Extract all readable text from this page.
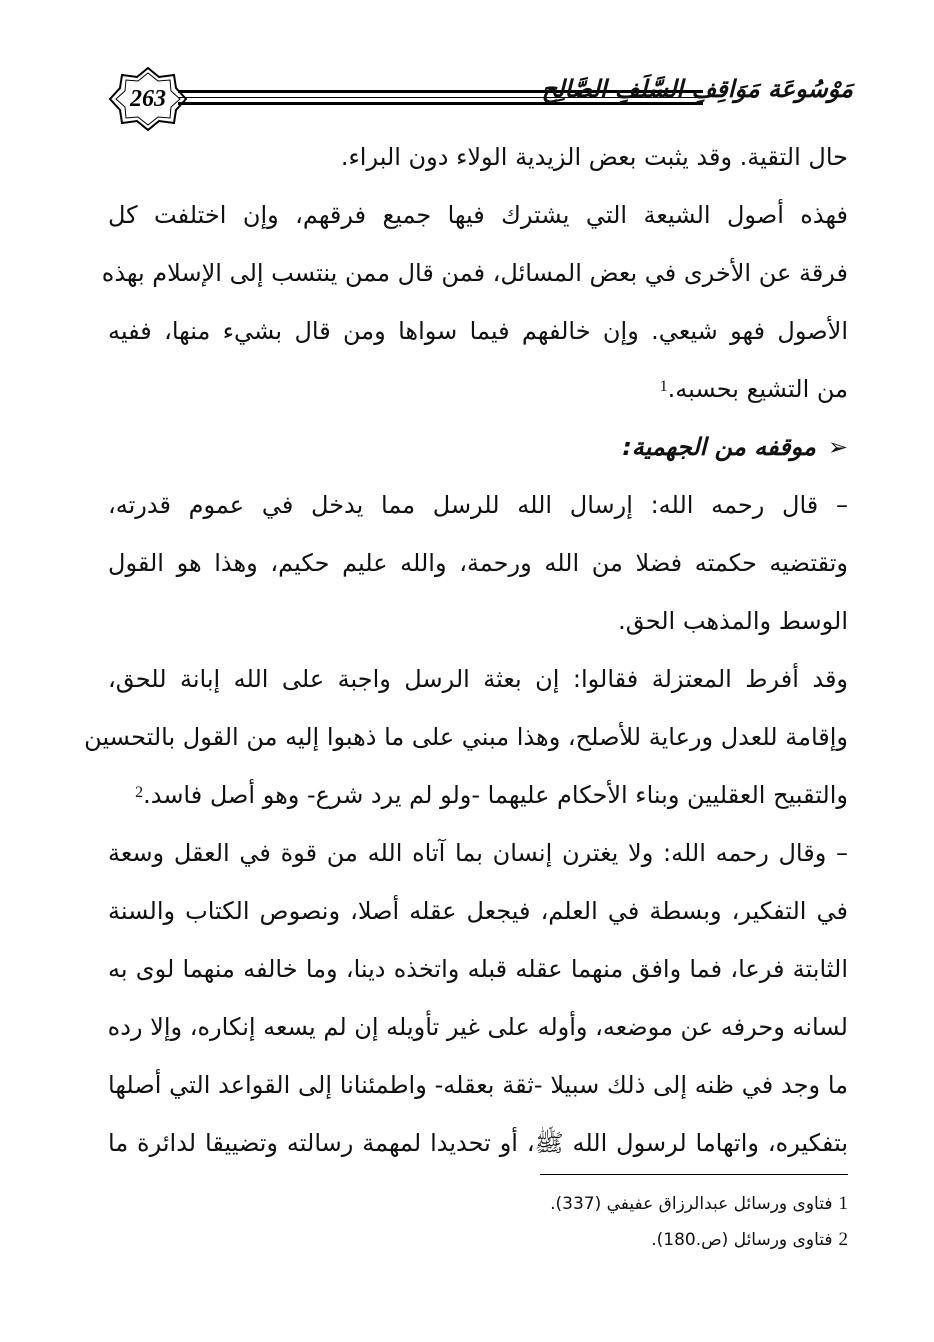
263	مَوْسُوعَة مَوَاقِفِ السَّلَفِ الصَّالِح
حال التقية. وقد يثبت بعض الزيدية الولاء دون البراء.
فهذه أصول الشيعة التي يشترك فيها جميع فرقهم، وإن اختلفت كل
فرقة عن الأخرى في بعض المسائل، فمن قال ممن ينتسب إلى الإسلام بهذه
الأصول فهو شيعي. وإن خالفهم فيما سواها ومن قال بشيء منها، ففيه
من التشيع بحسبه.$^1$
➢موقفه من الجهمية:
– قال رحمه الله: إرسال الله للرسل مما يدخل في عموم قدرته،
وتقتضيه حكمته فضلا من الله ورحمة، والله عليم حكيم، وهذا هو القول
الوسط والمذهب الحق.
وقد أفرط المعتزلة فقالوا: إن بعثة الرسل واجبة على الله إبانة للحق،
وإقامة للعدل ورعاية للأصلح، وهذا مبني على ما ذهبوا إليه من القول بالتحسين
والتقبيح العقليين وبناء الأحكام عليهما -ولو لم يرد شرع- وهو أصل فاسد.$^2$
– وقال رحمه الله: ولا يغترن إنسان بما آتاه الله من قوة في العقل وسعة
في التفكير، وبسطة في العلم، فيجعل عقله أصلا، ونصوص الكتاب والسنة
الثابتة فرعا، فما وافق منهما عقله قبله واتخذه دينا، وما خالفه منهما لوى به
لسانه وحرفه عن موضعه، وأوله على غير تأويله إن لم يسعه إنكاره، وإلا رده
ما وجد في ظنه إلى ذلك سبيلا -ثقة بعقله- واطمئنانا إلى القواعد التي أصلها
بتفكيره، واتهاما لرسول الله ﷺ، أو تحديدا لمهمة رسالته وتضييقا لدائرة ما
1فتاوى ورسائل عبدالرزاق عفيفي (337).
2فتاوى ورسائل (ص.180).
